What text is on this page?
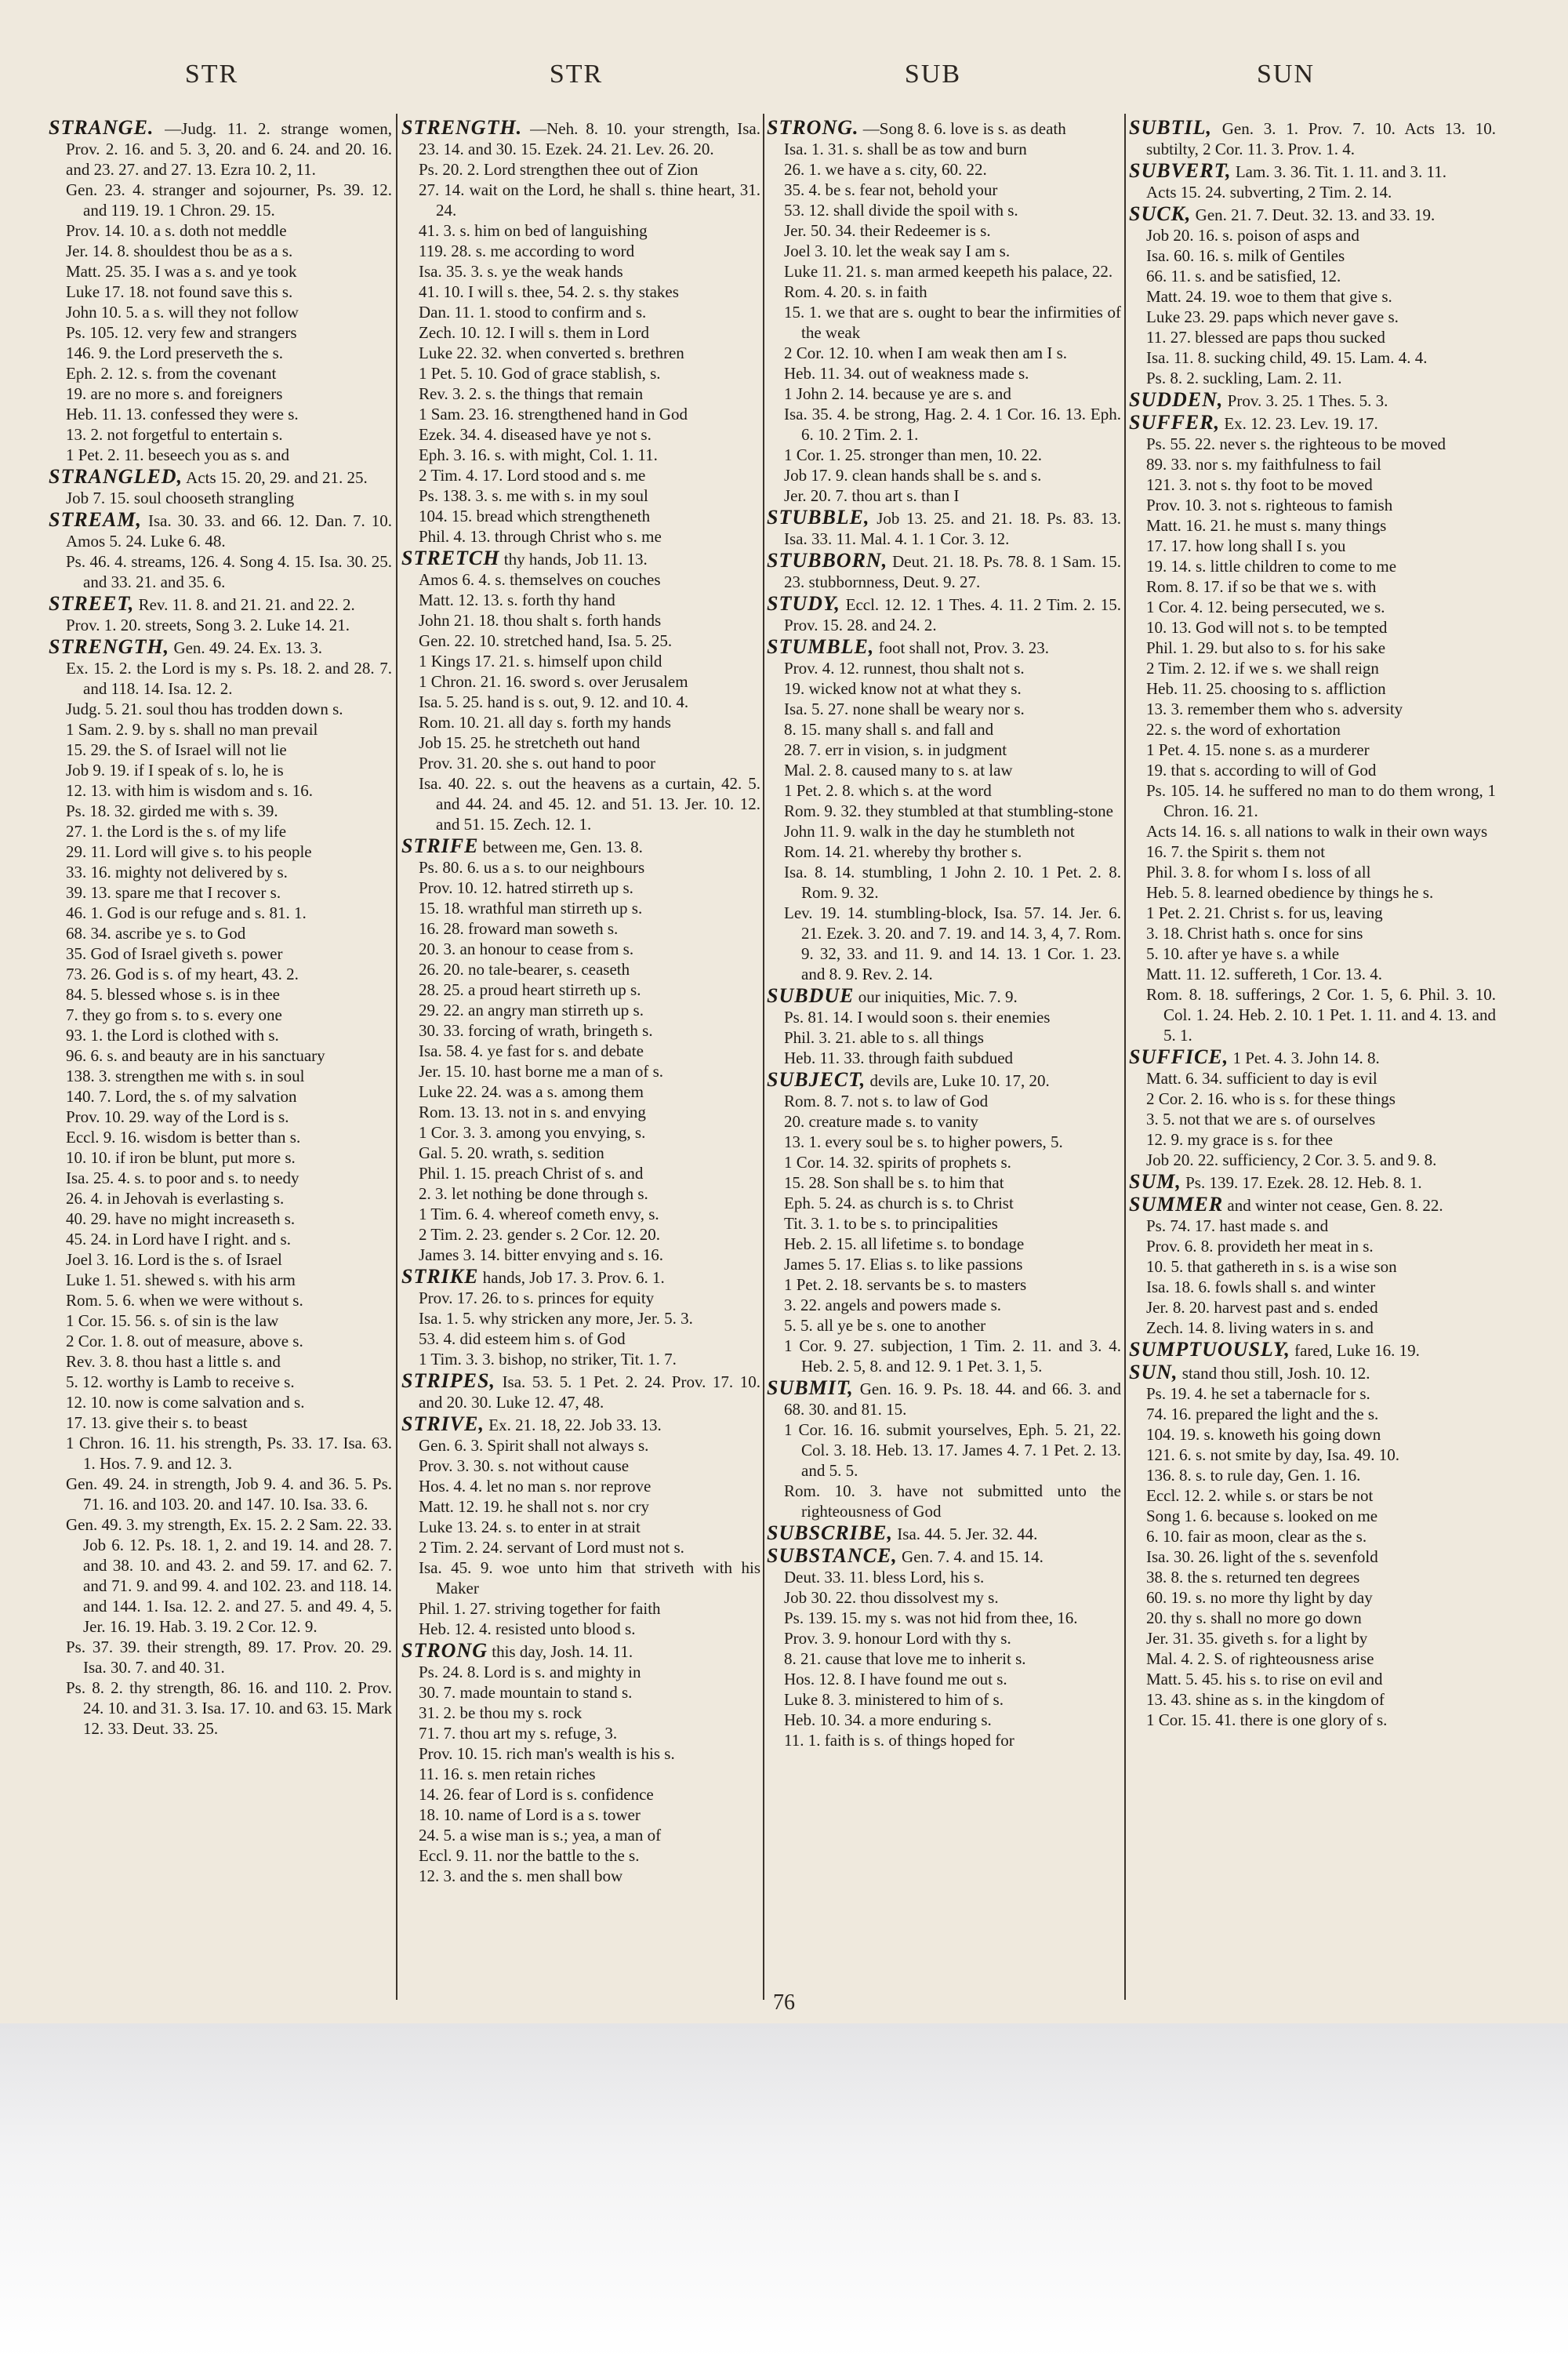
STR	STR	SUB	SUN
STRANGE. —Judg. 11. 2. strange women, Prov. 2. 16. and 5. 3, 20. and 6. 24. and 20. 16. and 23. 27. and 27. 13. Ezra 10. 2, 11.
Gen. 23. 4. stranger and sojourner, Ps. 39. 12. and 119. 19. 1 Chron. 29. 15.
Prov. 14. 10. a s. doth not meddle
Jer. 14. 8. shouldest thou be as a s.
Matt. 25. 35. I was a s. and ye took
Luke 17. 18. not found save this s.
John 10. 5. a s. will they not follow
Ps. 105. 12. very few and strangers
146. 9. the Lord preserveth the s.
Eph. 2. 12. s. from the covenant
19. are no more s. and foreigners
Heb. 11. 13. confessed they were s.
13. 2. not forgetful to entertain s.
1 Pet. 2. 11. beseech you as s. and
STRANGLED, Acts 15. 20, 29. and 21. 25.
Job 7. 15. soul chooseth strangling
STREAM, Isa. 30. 33. and 66. 12. Dan. 7. 10. Amos 5. 24. Luke 6. 48.
Ps. 46. 4. streams, 126. 4. Song 4. 15. Isa. 30. 25. and 33. 21. and 35. 6.
STREET, Rev. 11. 8. and 21. 21. and 22. 2.
Prov. 1. 20. streets, Song 3. 2. Luke 14. 21.
STRENGTH, Gen. 49. 24. Ex. 13. 3.
Ex. 15. 2. the Lord is my s. Ps. 18. 2. and 28. 7. and 118. 14. Isa. 12. 2.
Judg. 5. 21. soul thou has trodden down s.
1 Sam. 2. 9. by s. shall no man prevail
15. 29. the S. of Israel will not lie
Job 9. 19. if I speak of s. lo, he is
12. 13. with him is wisdom and s. 16.
Ps. 18. 32. girded me with s. 39.
27. 1. the Lord is the s. of my life
29. 11. Lord will give s. to his people
33. 16. mighty not delivered by s.
39. 13. spare me that I recover s.
46. 1. God is our refuge and s. 81. 1.
68. 34. ascribe ye s. to God
35. God of Israel giveth s. power
73. 26. God is s. of my heart, 43. 2.
84. 5. blessed whose s. is in thee
7. they go from s. to s. every one
93. 1. the Lord is clothed with s.
96. 6. s. and beauty are in his sanctuary
138. 3. strengthen me with s. in soul
140. 7. Lord, the s. of my salvation
Prov. 10. 29. way of the Lord is s.
Eccl. 9. 16. wisdom is better than s.
10. 10. if iron be blunt, put more s.
Isa. 25. 4. s. to poor and s. to needy
26. 4. in Jehovah is everlasting s.
40. 29. have no might increaseth s.
45. 24. in Lord have I right. and s.
Joel 3. 16. Lord is the s. of Israel
Luke 1. 51. shewed s. with his arm
Rom. 5. 6. when we were without s.
1 Cor. 15. 56. s. of sin is the law
2 Cor. 1. 8. out of measure, above s.
Rev. 3. 8. thou hast a little s. and
5. 12. worthy is Lamb to receive s.
12. 10. now is come salvation and s.
17. 13. give their s. to beast
1 Chron. 16. 11. his strength, Ps. 33. 17. Isa. 63. 1. Hos. 7. 9. and 12. 3.
Gen. 49. 24. in strength, Job 9. 4. and 36. 5. Ps. 71. 16. and 103. 20. and 147. 10. Isa. 33. 6.
Gen. 49. 3. my strength, Ex. 15. 2. 2 Sam. 22. 33. Job 6. 12. Ps. 18. 1, 2. and 19. 14. and 28. 7. and 38. 10. and 43. 2. and 59. 17. and 62. 7. and 71. 9. and 99. 4. and 102. 23. and 118. 14. and 144. 1. Isa. 12. 2. and 27. 5. and 49. 4, 5. Jer. 16. 19. Hab. 3. 19. 2 Cor. 12. 9.
Ps. 37. 39. their strength, 89. 17. Prov. 20. 29. Isa. 30. 7. and 40. 31.
Ps. 8. 2. thy strength, 86. 16. and 110. 2. Prov. 24. 10. and 31. 3. Isa. 17. 10. and 63. 15. Mark 12. 33. Deut. 33. 25.
STRENGTH. —Neh. 8. 10. your strength, Isa. 23. 14. and 30. 15. Ezek. 24. 21. Lev. 26. 20.
Ps. 20. 2. Lord strengthen thee out of Zion
27. 14. wait on the Lord, he shall s. thine heart, 31. 24.
41. 3. s. him on bed of languishing
119. 28. s. me according to word
Isa. 35. 3. s. ye the weak hands
41. 10. I will s. thee, 54. 2. s. thy stakes
Dan. 11. 1. stood to confirm and s.
Zech. 10. 12. I will s. them in Lord
Luke 22. 32. when converted s. brethren
1 Pet. 5. 10. God of grace stablish, s.
Rev. 3. 2. s. the things that remain
1 Sam. 23. 16. strengthened hand in God
Ezek. 34. 4. diseased have ye not s.
Eph. 3. 16. s. with might, Col. 1. 11.
2 Tim. 4. 17. Lord stood and s. me
Ps. 138. 3. s. me with s. in my soul
104. 15. bread which strengtheneth
Phil. 4. 13. through Christ who s. me
STRETCH thy hands, Job 11. 13.
Amos 6. 4. s. themselves on couches
Matt. 12. 13. s. forth thy hand
John 21. 18. thou shalt s. forth hands
Gen. 22. 10. stretched hand, Isa. 5. 25.
1 Kings 17. 21. s. himself upon child
1 Chron. 21. 16. sword s. over Jerusalem
Isa. 5. 25. hand is s. out, 9. 12. and 10. 4.
Rom. 10. 21. all day s. forth my hands
Job 15. 25. he stretcheth out hand
Prov. 31. 20. she s. out hand to poor
Isa. 40. 22. s. out the heavens as a curtain, 42. 5. and 44. 24. and 45. 12. and 51. 13. Jer. 10. 12. and 51. 15. Zech. 12. 1.
STRIFE between me, Gen. 13. 8.
Ps. 80. 6. us a s. to our neighbours
Prov. 10. 12. hatred stirreth up s.
15. 18. wrathful man stirreth up s.
16. 28. froward man soweth s.
20. 3. an honour to cease from s.
26. 20. no tale-bearer, s. ceaseth
28. 25. a proud heart stirreth up s.
29. 22. an angry man stirreth up s.
30. 33. forcing of wrath, bringeth s.
Isa. 58. 4. ye fast for s. and debate
Jer. 15. 10. hast borne me a man of s.
Luke 22. 24. was a s. among them
Rom. 13. 13. not in s. and envying
1 Cor. 3. 3. among you envying, s.
Gal. 5. 20. wrath, s. sedition
Phil. 1. 15. preach Christ of s. and
2. 3. let nothing be done through s.
1 Tim. 6. 4. whereof cometh envy, s.
2 Tim. 2. 23. gender s. 2 Cor. 12. 20.
James 3. 14. bitter envying and s. 16.
STRIKE hands, Job 17. 3. Prov. 6. 1.
Prov. 17. 26. to s. princes for equity
Isa. 1. 5. why stricken any more, Jer. 5. 3.
53. 4. did esteem him s. of God
1 Tim. 3. 3. bishop, no striker, Tit. 1. 7.
STRIPES, Isa. 53. 5. 1 Pet. 2. 24. Prov. 17. 10. and 20. 30. Luke 12. 47, 48.
STRIVE, Ex. 21. 18, 22. Job 33. 13.
Gen. 6. 3. Spirit shall not always s.
Prov. 3. 30. s. not without cause
Hos. 4. 4. let no man s. nor reprove
Matt. 12. 19. he shall not s. nor cry
Luke 13. 24. s. to enter in at strait
2 Tim. 2. 24. servant of Lord must not s.
Isa. 45. 9. woe unto him that striveth with his Maker
Phil. 1. 27. striving together for faith
Heb. 12. 4. resisted unto blood s.
STRONG this day, Josh. 14. 11.
Ps. 24. 8. Lord is s. and mighty in
30. 7. made mountain to stand s.
31. 2. be thou my s. rock
71. 7. thou art my s. refuge, 3.
Prov. 10. 15. rich man's wealth is his s.
11. 16. s. men retain riches
14. 26. fear of Lord is s. confidence
18. 10. name of Lord is a s. tower
24. 5. a wise man is s.; yea, a man of
Eccl. 9. 11. nor the battle to the s.
12. 3. and the s. men shall bow
STRONG. —Song 8. 6. love is s. as death
Isa. 1. 31. s. shall be as tow and burn
26. 1. we have a s. city, 60. 22.
35. 4. be s. fear not, behold your
53. 12. shall divide the spoil with s.
Jer. 50. 34. their Redeemer is s.
Joel 3. 10. let the weak say I am s.
Luke 11. 21. s. man armed keepeth his palace, 22.
Rom. 4. 20. s. in faith
15. 1. we that are s. ought to bear the infirmities of the weak
2 Cor. 12. 10. when I am weak then am I s.
Heb. 11. 34. out of weakness made s.
1 John 2. 14. because ye are s. and
Isa. 35. 4. be strong, Hag. 2. 4. 1 Cor. 16. 13. Eph. 6. 10. 2 Tim. 2. 1.
1 Cor. 1. 25. stronger than men, 10. 22.
Job 17. 9. clean hands shall be s. and s.
Jer. 20. 7. thou art s. than I
STUBBLE, Job 13. 25. and 21. 18. Ps. 83. 13. Isa. 33. 11. Mal. 4. 1. 1 Cor. 3. 12.
STUBBORN, Deut. 21. 18. Ps. 78. 8. 1 Sam. 15. 23. stubbornness, Deut. 9. 27.
STUDY, Eccl. 12. 12. 1 Thes. 4. 11. 2 Tim. 2. 15. Prov. 15. 28. and 24. 2.
STUMBLE, foot shall not, Prov. 3. 23.
Prov. 4. 12. runnest, thou shalt not s.
19. wicked know not at what they s.
Isa. 5. 27. none shall be weary nor s.
8. 15. many shall s. and fall and
28. 7. err in vision, s. in judgment
Mal. 2. 8. caused many to s. at law
1 Pet. 2. 8. which s. at the word
Rom. 9. 32. they stumbled at that stumbling-stone
John 11. 9. walk in the day he stumbleth not
Rom. 14. 21. whereby thy brother s.
Isa. 8. 14. stumbling, 1 John 2. 10. 1 Pet. 2. 8. Rom. 9. 32.
Lev. 19. 14. stumbling-block, Isa. 57. 14. Jer. 6. 21. Ezek. 3. 20. and 7. 19. and 14. 3, 4, 7. Rom. 9. 32, 33. and 11. 9. and 14. 13. 1 Cor. 1. 23. and 8. 9. Rev. 2. 14.
SUBDUE our iniquities, Mic. 7. 9.
Ps. 81. 14. I would soon s. their enemies
Phil. 3. 21. able to s. all things
Heb. 11. 33. through faith subdued
SUBJECT, devils are, Luke 10. 17, 20.
Rom. 8. 7. not s. to law of God
20. creature made s. to vanity
13. 1. every soul be s. to higher powers, 5.
1 Cor. 14. 32. spirits of prophets s.
15. 28. Son shall be s. to him that
Eph. 5. 24. as church is s. to Christ
Tit. 3. 1. to be s. to principalities
Heb. 2. 15. all lifetime s. to bondage
James 5. 17. Elias s. to like passions
1 Pet. 2. 18. servants be s. to masters
3. 22. angels and powers made s.
5. 5. all ye be s. one to another
1 Cor. 9. 27. subjection, 1 Tim. 2. 11. and 3. 4. Heb. 2. 5, 8. and 12. 9. 1 Pet. 3. 1, 5.
SUBMIT, Gen. 16. 9. Ps. 18. 44. and 66. 3. and 68. 30. and 81. 15.
1 Cor. 16. 16. submit yourselves, Eph. 5. 21, 22. Col. 3. 18. Heb. 13. 17. James 4. 7. 1 Pet. 2. 13. and 5. 5.
Rom. 10. 3. have not submitted unto the righteousness of God
SUBSCRIBE, Isa. 44. 5. Jer. 32. 44.
SUBSTANCE, Gen. 7. 4. and 15. 14.
Deut. 33. 11. bless Lord, his s.
Job 30. 22. thou dissolvest my s.
Ps. 139. 15. my s. was not hid from thee, 16.
Prov. 3. 9. honour Lord with thy s.
8. 21. cause that love me to inherit s.
Hos. 12. 8. I have found me out s.
Luke 8. 3. ministered to him of s.
Heb. 10. 34. a more enduring s.
11. 1. faith is s. of things hoped for
SUBTIL, Gen. 3. 1. Prov. 7. 10. Acts 13. 10. subtilty, 2 Cor. 11. 3. Prov. 1. 4.
SUBVERT, Lam. 3. 36. Tit. 1. 11. and 3. 11.
Acts 15. 24. subverting, 2 Tim. 2. 14.
SUCK, Gen. 21. 7. Deut. 32. 13. and 33. 19.
Job 20. 16. s. poison of asps and
Isa. 60. 16. s. milk of Gentiles
66. 11. s. and be satisfied, 12.
Matt. 24. 19. woe to them that give s.
Luke 23. 29. paps which never gave s.
11. 27. blessed are paps thou sucked
Isa. 11. 8. sucking child, 49. 15. Lam. 4. 4.
Ps. 8. 2. suckling, Lam. 2. 11.
SUDDEN, Prov. 3. 25. 1 Thes. 5. 3.
SUFFER, Ex. 12. 23. Lev. 19. 17.
Ps. 55. 22. never s. the righteous to be moved
89. 33. nor s. my faithfulness to fail
121. 3. not s. thy foot to be moved
Prov. 10. 3. not s. righteous to famish
Matt. 16. 21. he must s. many things
17. 17. how long shall I s. you
19. 14. s. little children to come to me
Rom. 8. 17. if so be that we s. with
1 Cor. 4. 12. being persecuted, we s.
10. 13. God will not s. to be tempted
Phil. 1. 29. but also to s. for his sake
2 Tim. 2. 12. if we s. we shall reign
Heb. 11. 25. choosing to s. affliction
13. 3. remember them who s. adversity
22. s. the word of exhortation
1 Pet. 4. 15. none s. as a murderer
19. that s. according to will of God
Ps. 105. 14. he suffered no man to do them wrong, 1 Chron. 16. 21.
Acts 14. 16. s. all nations to walk in their own ways
16. 7. the Spirit s. them not
Phil. 3. 8. for whom I s. loss of all
Heb. 5. 8. learned obedience by things he s.
1 Pet. 2. 21. Christ s. for us, leaving
3. 18. Christ hath s. once for sins
5. 10. after ye have s. a while
Matt. 11. 12. suffereth, 1 Cor. 13. 4.
Rom. 8. 18. sufferings, 2 Cor. 1. 5, 6. Phil. 3. 10. Col. 1. 24. Heb. 2. 10. 1 Pet. 1. 11. and 4. 13. and 5. 1.
SUFFICE, 1 Pet. 4. 3. John 14. 8.
Matt. 6. 34. sufficient to day is evil
2 Cor. 2. 16. who is s. for these things
3. 5. not that we are s. of ourselves
12. 9. my grace is s. for thee
Job 20. 22. sufficiency, 2 Cor. 3. 5. and 9. 8.
SUM, Ps. 139. 17. Ezek. 28. 12. Heb. 8. 1.
SUMMER and winter not cease, Gen. 8. 22.
Ps. 74. 17. hast made s. and
Prov. 6. 8. provideth her meat in s.
10. 5. that gathereth in s. is a wise son
Isa. 18. 6. fowls shall s. and winter
Jer. 8. 20. harvest past and s. ended
Zech. 14. 8. living waters in s. and
SUMPTUOUSLY, fared, Luke 16. 19.
SUN, stand thou still, Josh. 10. 12.
Ps. 19. 4. he set a tabernacle for s.
74. 16. prepared the light and the s.
104. 19. s. knoweth his going down
121. 6. s. not smite by day, Isa. 49. 10.
136. 8. s. to rule day, Gen. 1. 16.
Eccl. 12. 2. while s. or stars be not
Song 1. 6. because s. looked on me
6. 10. fair as moon, clear as the s.
Isa. 30. 26. light of the s. sevenfold
38. 8. the s. returned ten degrees
60. 19. s. no more thy light by day
20. thy s. shall no more go down
Jer. 31. 35. giveth s. for a light by
Mal. 4. 2. S. of righteousness arise
Matt. 5. 45. his s. to rise on evil and
13. 43. shine as s. in the kingdom of
1 Cor. 15. 41. there is one glory of s.
76
